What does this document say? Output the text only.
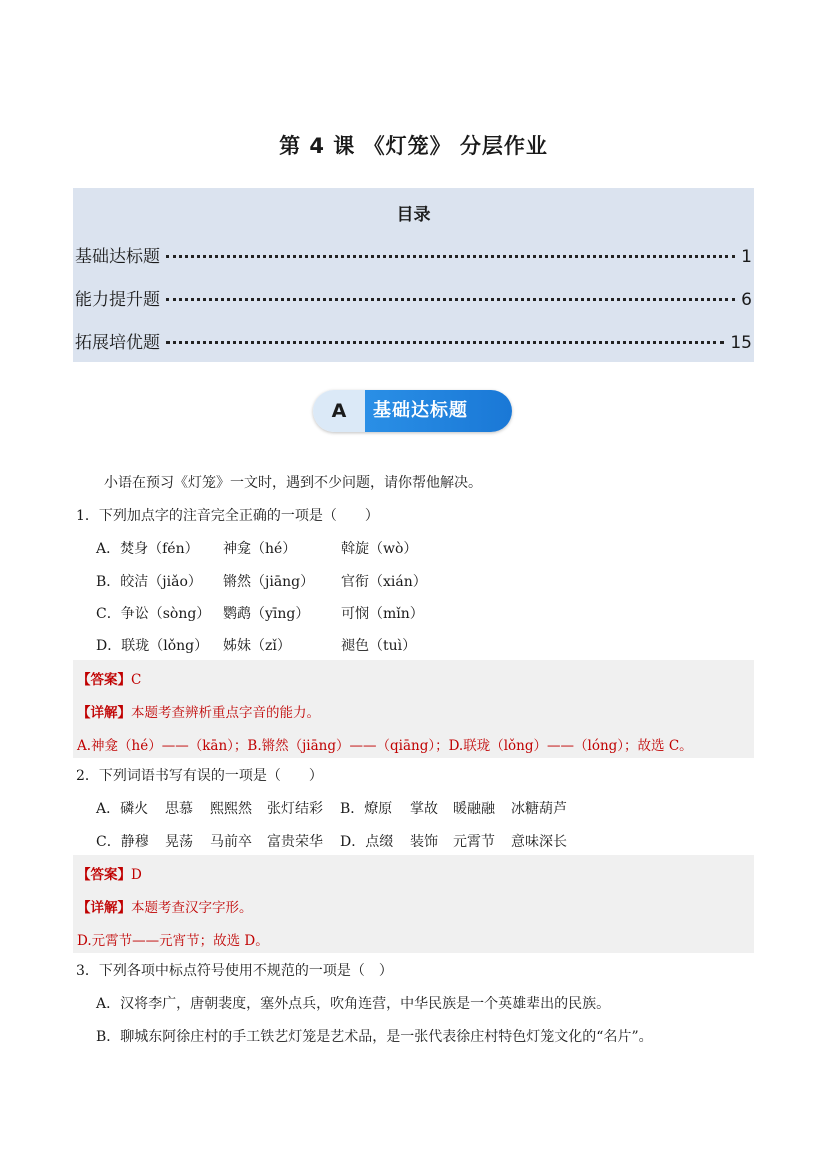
第 4 课 《灯笼》 分层作业
目录
基础达标题	1
能力提升题	6
拓展培优题	15
A	基础达标题
小语在预习《灯笼》一文时，遇到不少问题，请你帮他解决。
1．下列加点字的注音完全正确的一项是（　　）
A．焚身（fén） 神龛（hé）	斡旋（wò）
B．皎洁（jiǎo） 锵然（jiāng） 官衔（xián）
C．争讼（sòng） 鹦鹉（yīng） 可悯（mǐn）
D．联珑（lǒng） 姊妹（zǐ）	褪色（tuì）
【答案】C
【详解】本题考查辨析重点字音的能力。
A.神龛（hé）——（kān）；B.锵然（jiāng）——（qiāng）；D.联珑（lǒng）——（lóng）；故选 C。
2．下列词语书写有误的一项是（　　）
A．磷火 思慕 熙熙然 张灯结彩 B．燎原 掌故 暖融融 冰糖葫芦
C．静穆 晃荡 马前卒 富贵荣华 D．点缀 装饰 元霄节 意味深长
【答案】D
【详解】本题考查汉字字形。
D.元霄节——元宵节；故选 D。
3．下列各项中标点符号使用不规范的一项是（　）
A．汉将李广，唐朝裴度，塞外点兵，吹角连营，中华民族是一个英雄辈出的民族。
B．聊城东阿徐庄村的手工铁艺灯笼是艺术品，是一张代表徐庄村特色灯笼文化的“名片”。
